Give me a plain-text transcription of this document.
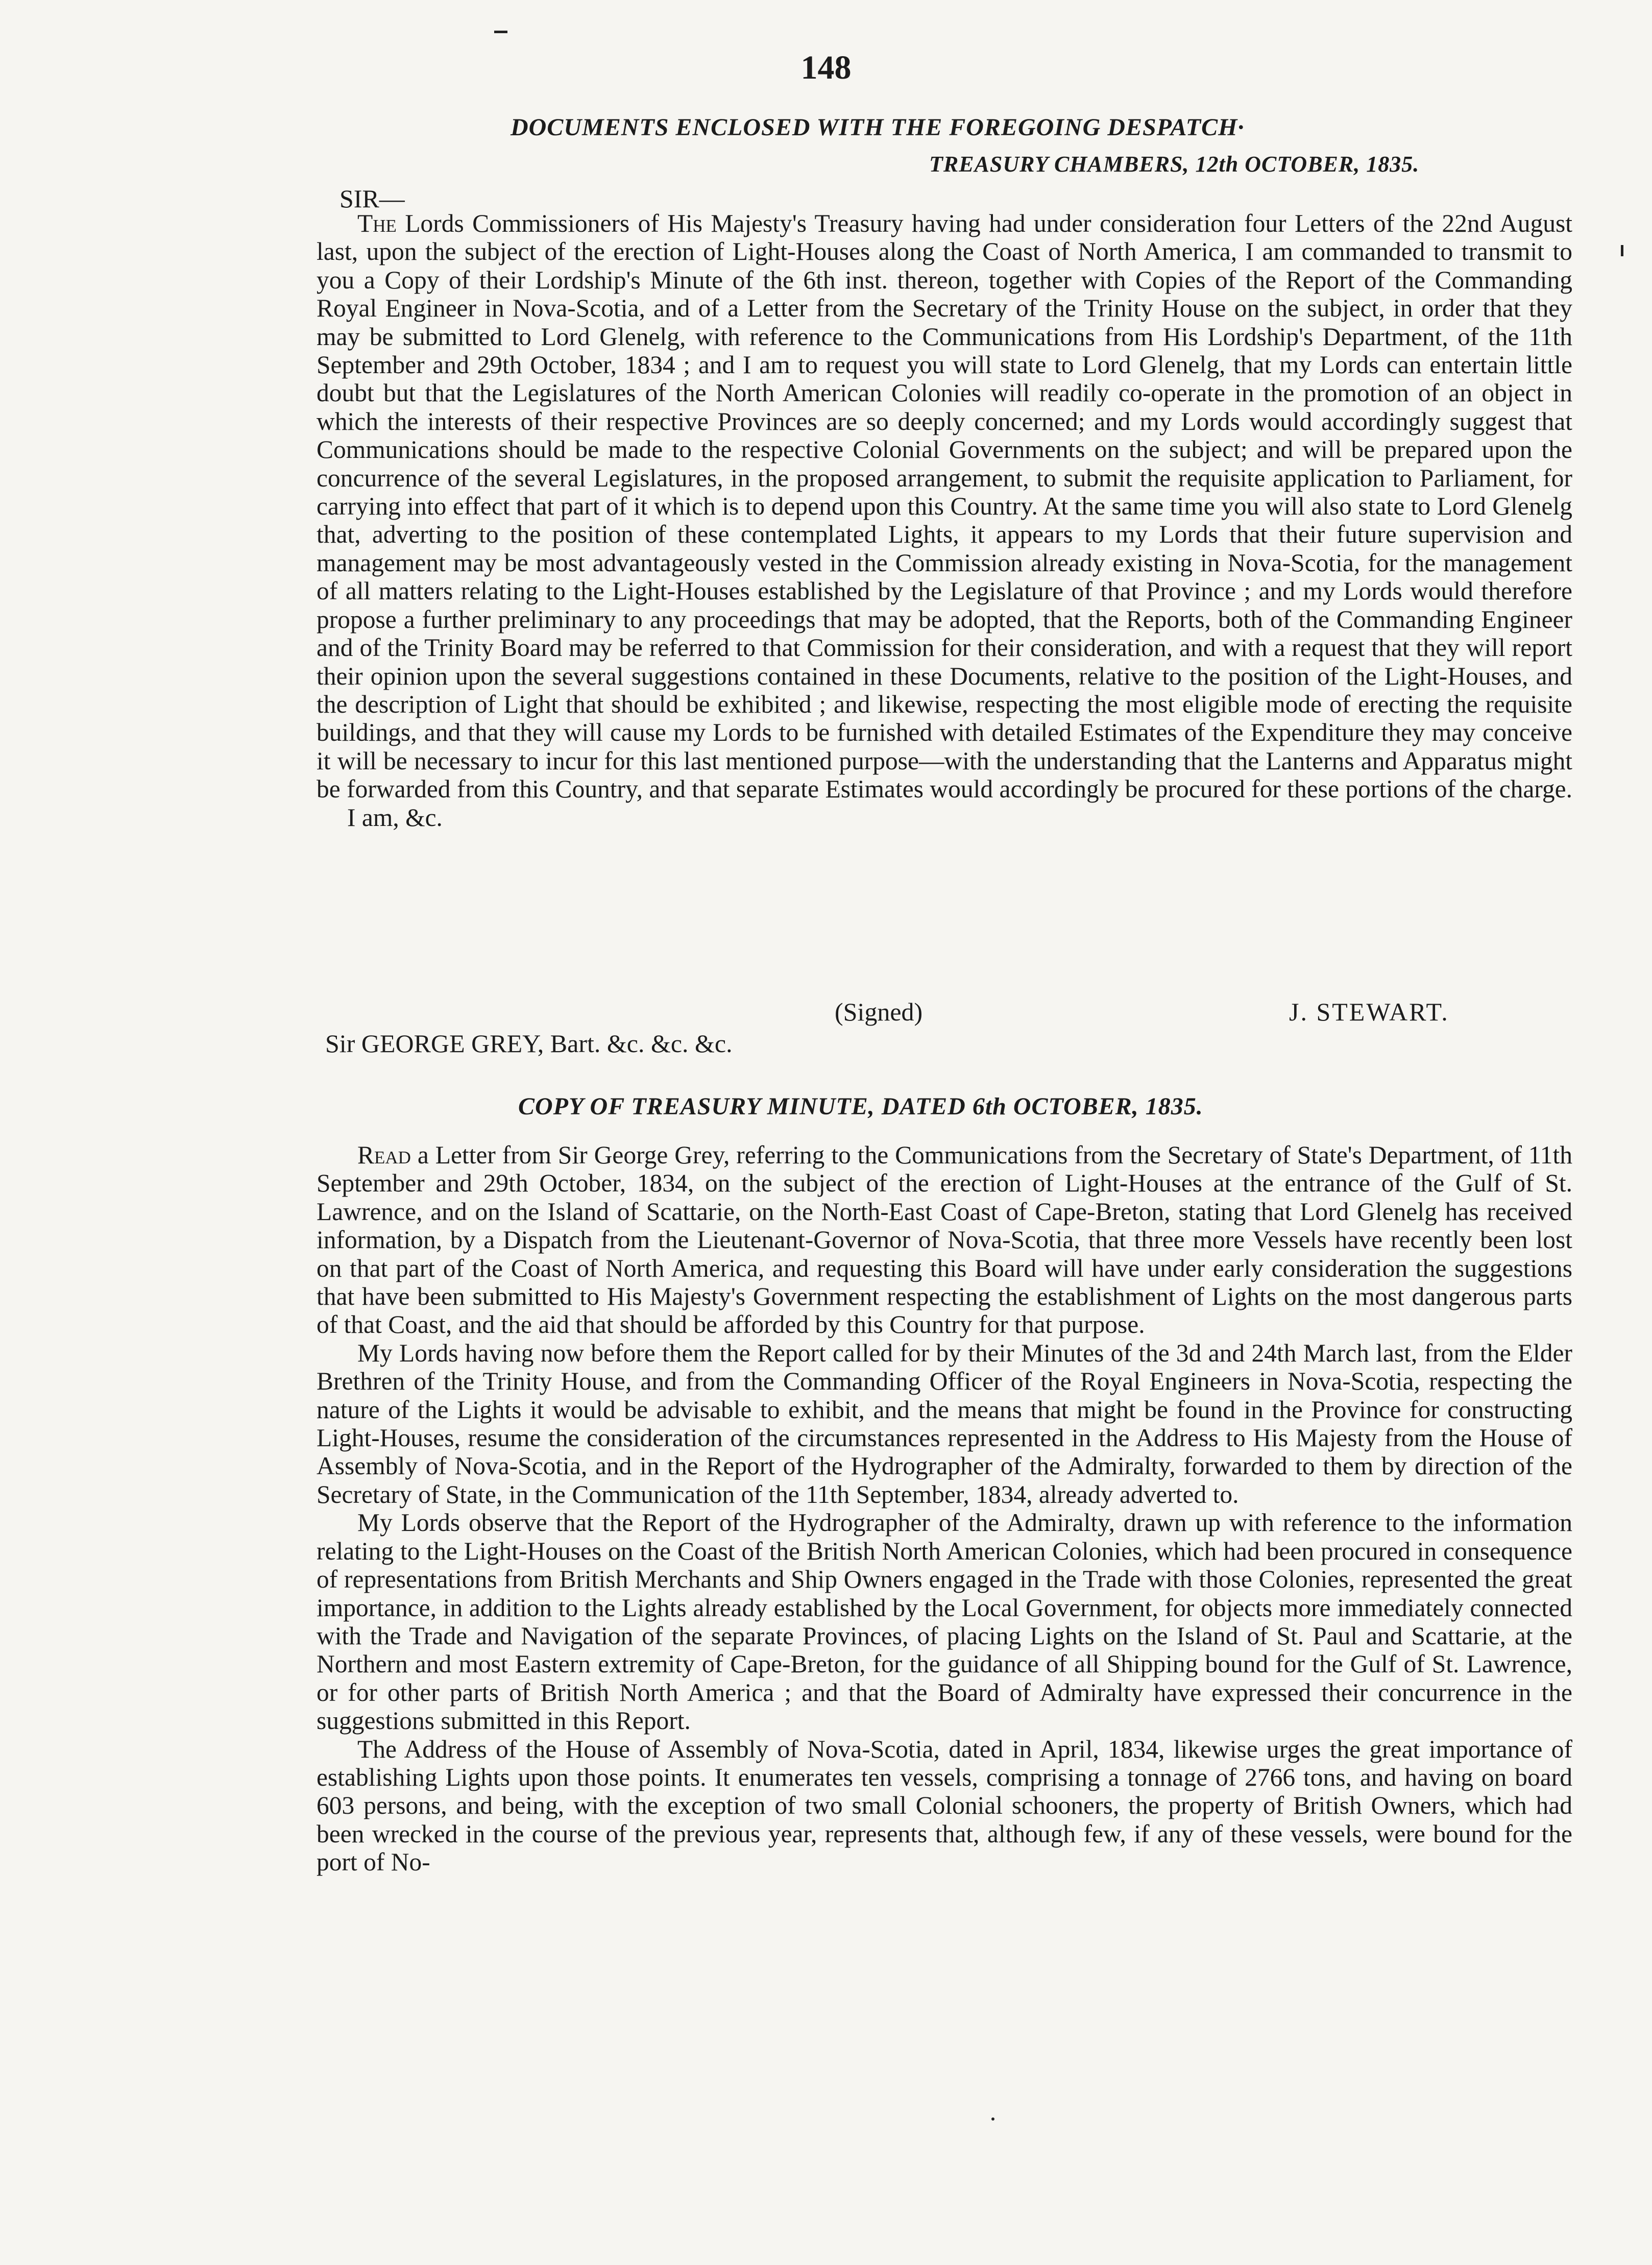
148
DOCUMENTS ENCLOSED WITH THE FOREGOING DESPATCH·
TREASURY CHAMBERS, 12th OCTOBER, 1835.
SIR—

The Lords Commissioners of His Majesty's Treasury having had under consideration four Letters of the 22nd August last, upon the subject of the erection of Light-Houses along the Coast of North America, I am commanded to transmit to you a Copy of their Lordship's Minute of the 6th inst. thereon, together with Copies of the Report of the Commanding Royal Engineer in Nova-Scotia, and of a Letter from the Secretary of the Trinity House on the subject, in order that they may be submitted to Lord Glenelg, with reference to the Communications from His Lordship's Department, of the 11th September and 29th October, 1834 ; and I am to request you will state to Lord Glenelg, that my Lords can entertain little doubt but that the Legislatures of the North American Colonies will readily co-operate in the promotion of an object in which the interests of their respective Provinces are so deeply concerned; and my Lords would accordingly suggest that Communications should be made to the respective Colonial Governments on the subject; and will be prepared upon the concurrence of the several Legislatures, in the proposed arrangement, to submit the requisite application to Parliament, for carrying into effect that part of it which is to depend upon this Country. At the same time you will also state to Lord Glenelg that, adverting to the position of these contemplated Lights, it appears to my Lords that their future supervision and management may be most advantageously vested in the Commission already existing in Nova-Scotia, for the management of all matters relating to the Light-Houses established by the Legislature of that Province ; and my Lords would therefore propose a further preliminary to any proceedings that may be adopted, that the Reports, both of the Commanding Engineer and of the Trinity Board may be referred to that Commission for their consideration, and with a request that they will report their opinion upon the several suggestions contained in these Documents, relative to the position of the Light-Houses, and the description of Light that should be exhibited ; and likewise, respecting the most eligible mode of erecting the requisite buildings, and that they will cause my Lords to be furnished with detailed Estimates of the Expenditure they may conceive it will be necessary to incur for this last mentioned purpose—with the understanding that the Lanterns and Apparatus might be forwarded from this Country, and that separate Estimates would accordingly be procured for these portions of the charge. I am, &c.

(Signed)	J. STEWART.
Sir GEORGE GREY, Bart. &c. &c. &c.
COPY OF TREASURY MINUTE, DATED 6th OCTOBER, 1835.

Read a Letter from Sir George Grey, referring to the Communications from the Secretary of State's Department, of 11th September and 29th October, 1834, on the subject of the erection of Light-Houses at the entrance of the Gulf of St. Lawrence, and on the Island of Scattarie, on the North-East Coast of Cape-Breton, stating that Lord Glenelg has received information, by a Dispatch from the Lieutenant-Governor of Nova-Scotia, that three more Vessels have recently been lost on that part of the Coast of North America, and requesting this Board will have under early consideration the suggestions that have been submitted to His Majesty's Government respecting the establishment of Lights on the most dangerous parts of that Coast, and the aid that should be afforded by this Country for that purpose.

My Lords having now before them the Report called for by their Minutes of the 3d and 24th March last, from the Elder Brethren of the Trinity House, and from the Commanding Officer of the Royal Engineers in Nova-Scotia, respecting the nature of the Lights it would be advisable to exhibit, and the means that might be found in the Province for constructing Light-Houses, resume the consideration of the circumstances represented in the Address to His Majesty from the House of Assembly of Nova-Scotia, and in the Report of the Hydrographer of the Admiralty, forwarded to them by direction of the Secretary of State, in the Communication of the 11th September, 1834, already adverted to.

My Lords observe that the Report of the Hydrographer of the Admiralty, drawn up with reference to the information relating to the Light-Houses on the Coast of the British North American Colonies, which had been procured in consequence of representations from British Merchants and Ship Owners engaged in the Trade with those Colonies, represented the great importance, in addition to the Lights already established by the Local Government, for objects more immediately connected with the Trade and Navigation of the separate Provinces, of placing Lights on the Island of St. Paul and Scattarie, at the Northern and most Eastern extremity of Cape-Breton, for the guidance of all Shipping bound for the Gulf of St. Lawrence, or for other parts of British North America ; and that the Board of Admiralty have expressed their concurrence in the suggestions submitted in this Report.

The Address of the House of Assembly of Nova-Scotia, dated in April, 1834, likewise urges the great importance of establishing Lights upon those points. It enumerates ten vessels, comprising a tonnage of 2766 tons, and having on board 603 persons, and being, with the exception of two small Colonial schooners, the property of British Owners, which had been wrecked in the course of the previous year, represents that, although few, if any of these vessels, were bound for the port of No-
